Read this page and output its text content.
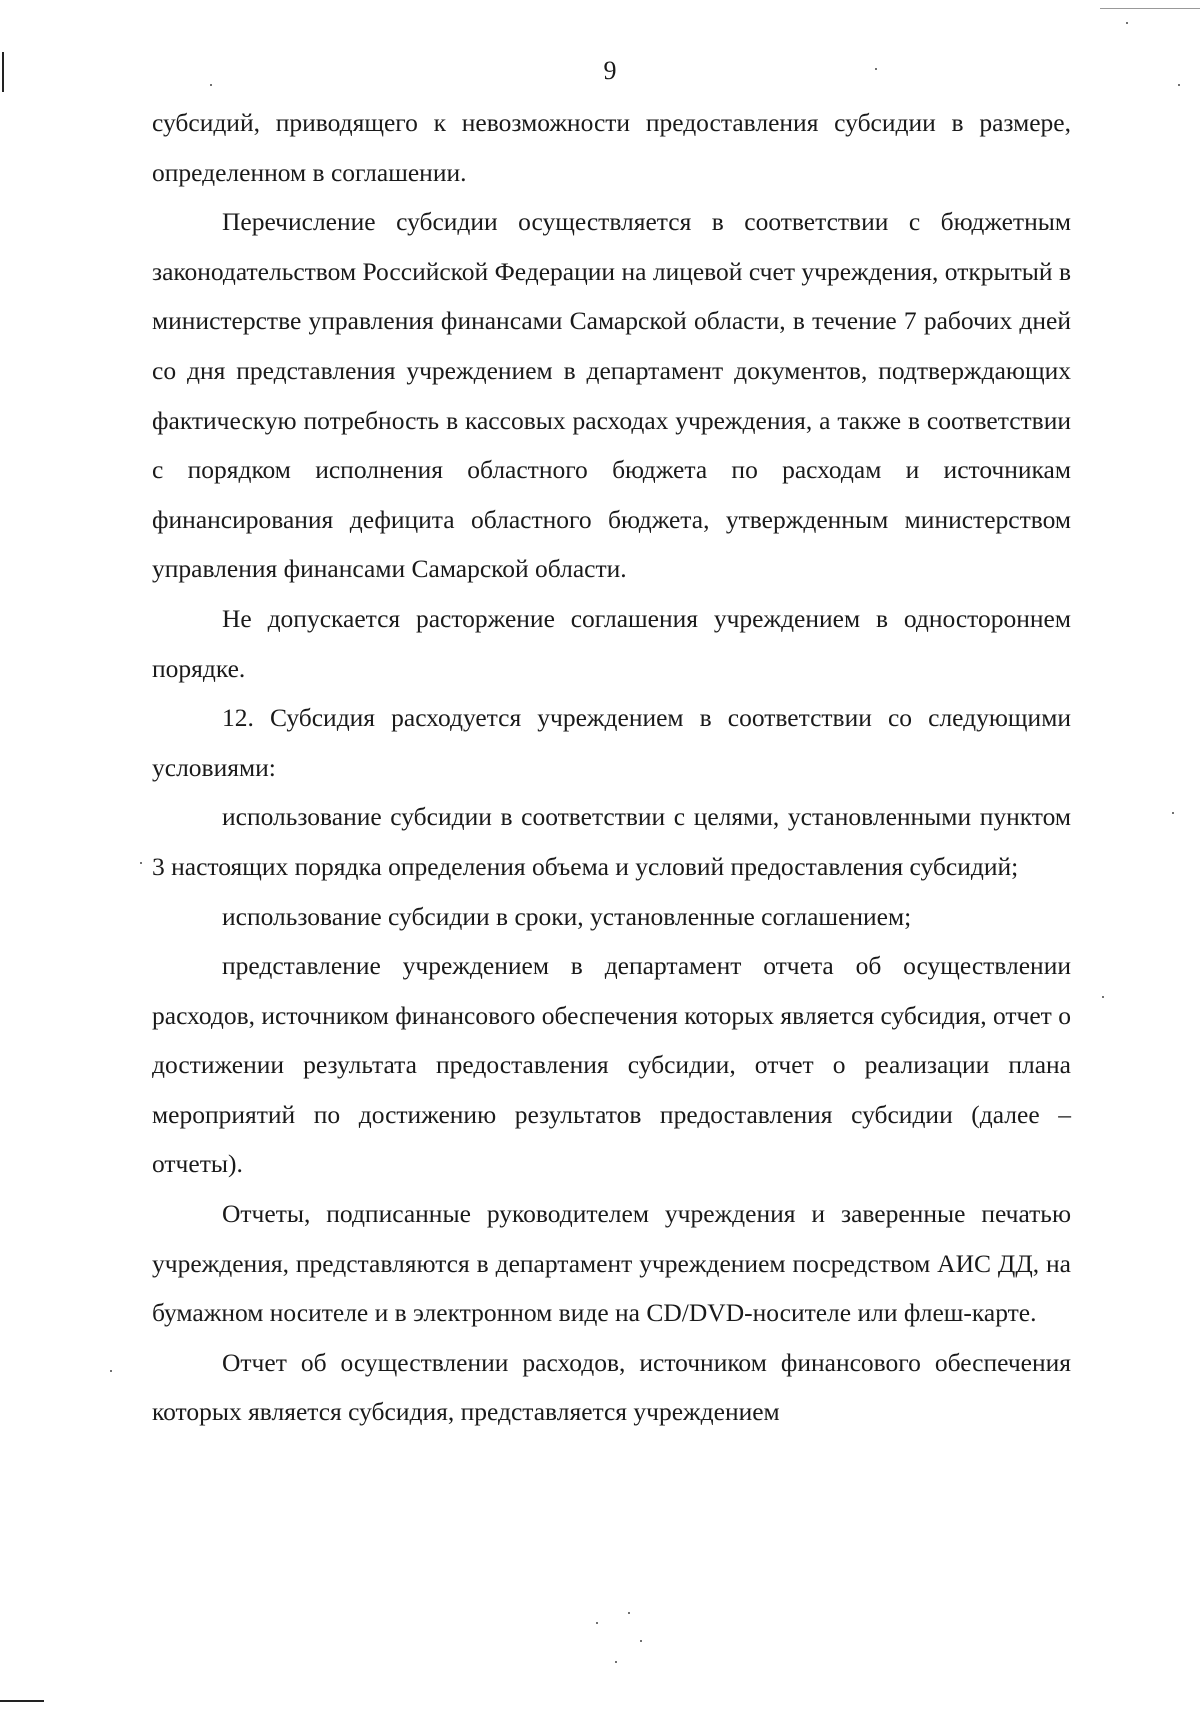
9

субсидий, приводящего к невозможности предоставления субсидии в размере, определенном в соглашении.

Перечисление субсидии осуществляется в соответствии с бюджетным законодательством Российской Федерации на лицевой счет учреждения, открытый в министерстве управления финансами Самарской области, в течение 7 рабочих дней со дня представления учреждением в департамент документов, подтверждающих фактическую потребность в кассовых расходах учреждения, а также в соответствии с порядком исполнения областного бюджета по расходам и источникам финансирования дефицита областного бюджета, утвержденным министерством управления финансами Самарской области.

Не допускается расторжение соглашения учреждением в одностороннем порядке.

12. Субсидия расходуется учреждением в соответствии со следующими условиями:

использование субсидии в соответствии с целями, установленными пунктом 3 настоящих порядка определения объема и условий предоставления субсидий;

использование субсидии в сроки, установленные соглашением;

представление учреждением в департамент отчета об осуществлении расходов, источником финансового обеспечения которых является субсидия, отчет о достижении результата предоставления субсидии, отчет о реализации плана мероприятий по достижению результатов предоставления субсидии (далее – отчеты).

Отчеты, подписанные руководителем учреждения и заверенные печатью учреждения, представляются в департамент учреждением посредством АИС ДД, на бумажном носителе и в электронном виде на CD/DVD-носителе или флеш-карте.

Отчет об осуществлении расходов, источником финансового обеспечения которых является субсидия, представляется учреждением
